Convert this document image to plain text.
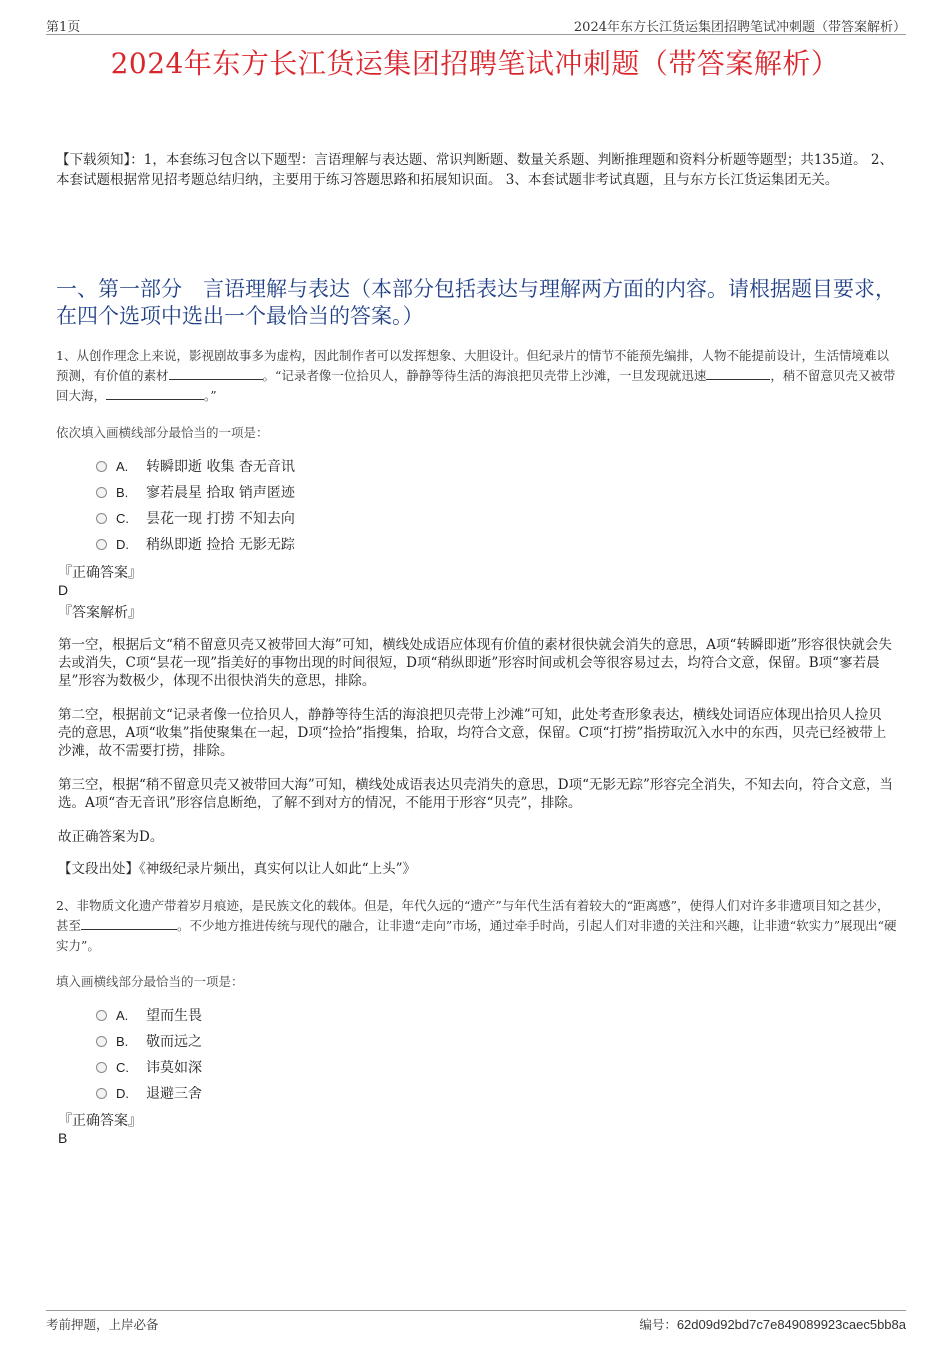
第1页	2024年东方长江货运集团招聘笔试冲刺题（带答案解析）
2024年东方长江货运集团招聘笔试冲刺题（带答案解析）
【下载须知】：1，本套练习包含以下题型：言语理解与表达题、常识判断题、数量关系题、判断推理题和资料分析题等题型；共135道。 2、本套试题根据常见招考题总结归纳，主要用于练习答题思路和拓展知识面。 3、本套试题非考试真题，且与东方长江货运集团无关。
一、第一部分　言语理解与表达（本部分包括表达与理解两方面的内容。请根据题目要求，在四个选项中选出一个最恰当的答案。）
1、从创作理念上来说，影视剧故事多为虚构，因此制作者可以发挥想象、大胆设计。但纪录片的情节不能预先编排，人物不能提前设计，生活情境难以预测，有价值的素材	。“记录者像一位拾贝人，静静等待生活的海浪把贝壳带上沙滩，一旦发现就迅速	，稍不留意贝壳又被带回大海，	。”
依次填入画横线部分最恰当的一项是：
A. 转瞬即逝 收集 杳无音讯
B. 寥若晨星 拾取 销声匿迹
C. 昙花一现 打捞 不知去向
D. 稍纵即逝 捡拾 无影无踪
『正确答案』
D
『答案解析』
第一空，根据后文“稍不留意贝壳又被带回大海”可知，横线处成语应体现有价值的素材很快就会消失的意思，A项“转瞬即逝”形容很快就会失去或消失，C项“昙花一现”指美好的事物出现的时间很短，D项“稍纵即逝”形容时间或机会等很容易过去，均符合文意，保留。B项“寥若晨星”形容为数极少，体现不出很快消失的意思，排除。
第二空，根据前文“记录者像一位拾贝人，静静等待生活的海浪把贝壳带上沙滩”可知，此处考查形象表达，横线处词语应体现出拾贝人捡贝壳的意思，A项“收集”指使聚集在一起，D项“捡拾”指搜集，拾取，均符合文意，保留。C项“打捞”指捞取沉入水中的东西，贝壳已经被带上沙滩，故不需要打捞，排除。
第三空，根据“稍不留意贝壳又被带回大海”可知，横线处成语表达贝壳消失的意思，D项“无影无踪”形容完全消失，不知去向，符合文意，当选。A项“杳无音讯”形容信息断绝，了解不到对方的情况，不能用于形容“贝壳”，排除。
故正确答案为D。
【文段出处】《神级纪录片频出，真实何以让人如此“上头”》
2、非物质文化遗产带着岁月痕迹，是民族文化的载体。但是，年代久远的“遗产”与年代生活有着较大的“距离感”，使得人们对许多非遗项目知之甚少，甚至	。不少地方推进传统与现代的融合，让非遗“走向”市场，通过牵手时尚，引起人们对非遗的关注和兴趣，让非遗“软实力”展现出“硬实力”。
填入画横线部分最恰当的一项是：
A. 望而生畏
B. 敬而远之
C. 讳莫如深
D. 退避三舍
『正确答案』
B
考前押题，上岸必备	编号：62d09d92bd7c7e849089923caec5bb8a
